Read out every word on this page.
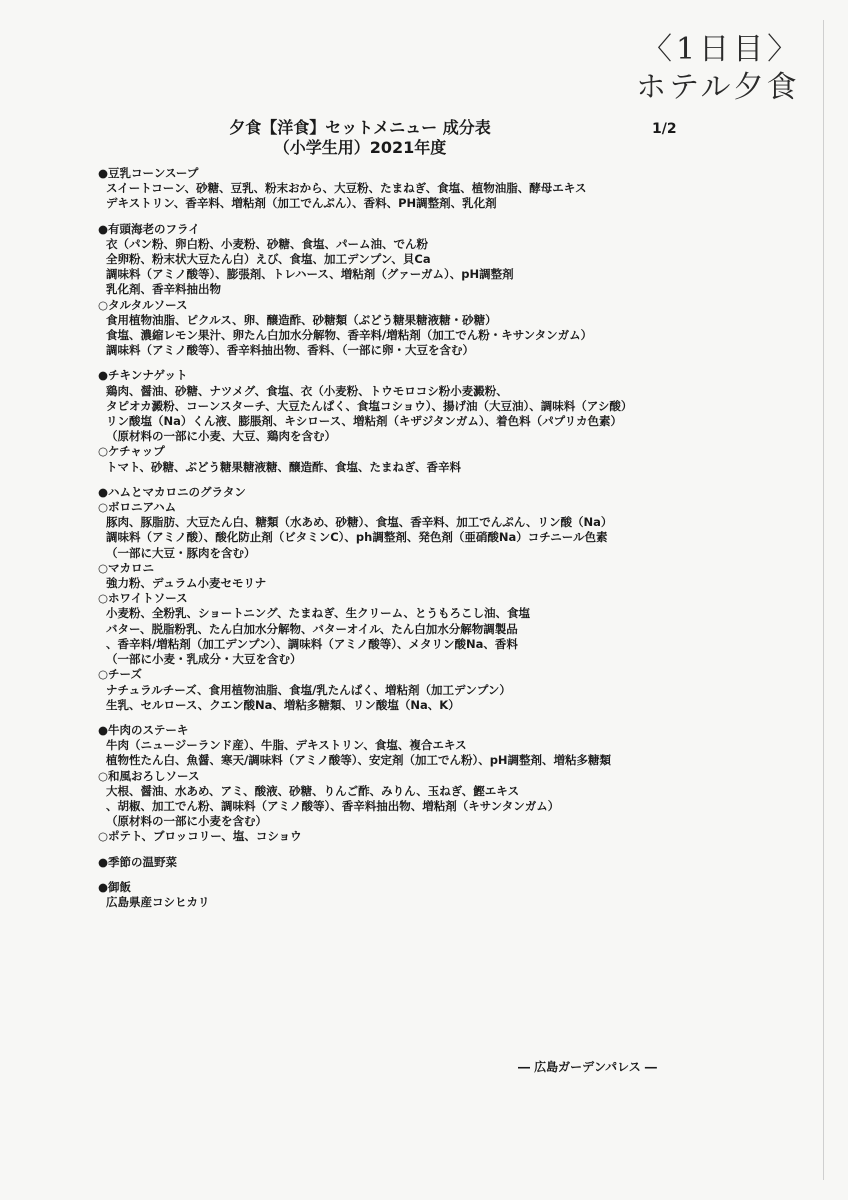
〈1日目〉
ホテル夕食
夕食【洋食】セットメニュー 成分表
（小学生用）2021年度
1/2
● 豆乳コーンスープ
スイートコーン、砂糖、豆乳、粉末おから、大豆粉、たまねぎ、食塩、植物油脂、酵母エキス
デキストリン、香辛料、増粘剤（加工でんぷん）、香料、PH調整剤、乳化剤
● 有頭海老のフライ
衣（パン粉、卵白粉、小麦粉、砂糖、食塩、パーム油、でん粉
全卵粉、粉末状大豆たん白）えび、食塩、加工デンプン、貝Ca
調味料（アミノ酸等）、膨張剤、トレハース、増粘剤（グァーガム）、pH調整剤
乳化剤、香辛料抽出物
○ タルタルソース
食用植物油脂、ピクルス、卵、醸造酢、砂糖類（ぶどう糖果糖液糖・砂糖）
食塩、濃縮レモン果汁、卵たん白加水分解物、香辛料/増粘剤（加工でん粉・キサンタンガム）
調味料（アミノ酸等）、香辛料抽出物、香料、（一部に卵・大豆を含む）
● チキンナゲット
鶏肉、醤油、砂糖、ナツメグ、食塩、衣（小麦粉、トウモロコシ粉小麦澱粉、
タピオカ澱粉、コーンスターチ、大豆たんぱく、食塩コショウ）、揚げ油（大豆油）、調味料（アシ酸）
リン酸塩（Na）くん液、膨脹剤、キシロース、増粘剤（キザジタンガム）、着色料（パプリカ色素）
（原材料の一部に小麦、大豆、鶏肉を含む）
○ ケチャップ
トマト、砂糖、ぶどう糖果糖液糖、醸造酢、食塩、たまねぎ、香辛料
● ハムとマカロニのグラタン
○ ボロニアハム
豚肉、豚脂肪、大豆たん白、糖類（水あめ、砂糖）、食塩、香辛料、加工でんぷん、リン酸（Na）
調味料（アミノ酸）、酸化防止剤（ビタミンC）、ph調整剤、発色剤（亜硝酸Na）コチニール色素
（一部に大豆・豚肉を含む）
○ マカロニ
強力粉、デュラム小麦セモリナ
○ ホワイトソース
小麦粉、全粉乳、ショートニング、たまねぎ、生クリーム、とうもろこし油、食塩
バター、脱脂粉乳、たん白加水分解物、バターオイル、たん白加水分解物調製品
、香辛料/増粘剤（加工デンプン）、調味料（アミノ酸等）、メタリン酸Na、香料
（一部に小麦・乳成分・大豆を含む）
○ チーズ
ナチュラルチーズ、食用植物油脂、食塩/乳たんぱく、増粘剤（加工デンプン）
生乳、セルロース、クエン酸Na、増粘多糖類、リン酸塩（Na、K）
● 牛肉のステーキ
牛肉（ニュージーランド産）、牛脂、デキストリン、食塩、複合エキス
植物性たん白、魚醤、寒天/調味料（アミノ酸等）、安定剤（加工でん粉）、pH調整剤、増粘多糖類
○ 和風おろしソース
大根、醤油、水あめ、アミ、酸液、砂糖、りんご酢、みりん、玉ねぎ、鰹エキス
、胡椒、加工でん粉、調味料（アミノ酸等）、香辛料抽出物、増粘剤（キサンタンガム）
（原材料の一部に小麦を含む）
○ ポテト、ブロッコリー、塩、コショウ
● 季節の温野菜
● 御飯
広島県産コシヒカリ
― 広島ガーデンパレス ―
